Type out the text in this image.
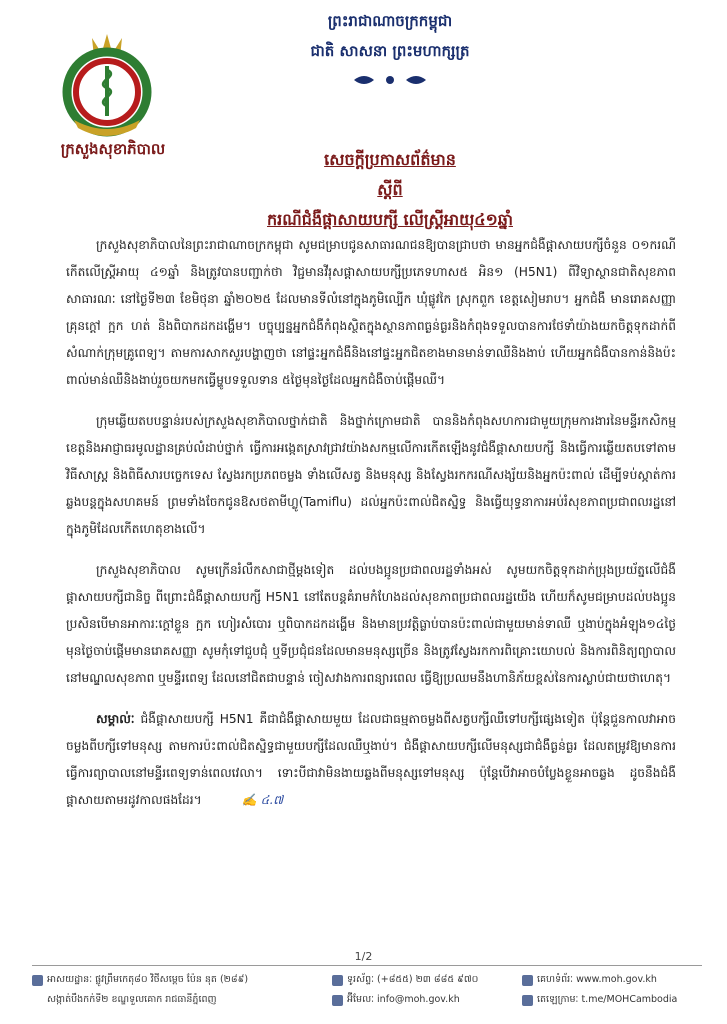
ក្រសួងសុខាភិបាល
ព្រះរាជាណាចក្រកម្ពុជា
ជាតិ សាសនា ព្រះមហាក្សត្រ
សេចក្ដីប្រកាសព័ត៌មាន
ស្ដីពី
ករណីជំងឺផ្ដាសាយបក្សី លើស្ត្រីអាយុ៤១ឆ្នាំ

ក្រសួងសុខាភិបាលនៃព្រះរាជាណាចក្រកម្ពុជា សូមជម្រាបជូនសាធារណជនឱ្យបានជ្រាបថា មានអ្នកជំងឺផ្ដាសាយបក្សីចំនួន ០១ករណី កើតលើស្ត្រីអាយុ ៤១ឆ្នាំ និងត្រូវបានបញ្ជាក់ថា វិជ្ជមានវីរុសផ្ដាសាយបក្សីប្រភេទហាស៥ អិន១ (H5N1) ពីវិទ្យាស្ថានជាតិសុខភាពសាធារណៈ នៅថ្ងៃទី២៣ ខែមិថុនា ឆ្នាំ២០២៥ ដែលមានទីលំនៅក្នុងភូមិល្បើក ឃុំផ្លូវកៃ ស្រុកពួក ខេត្តសៀមរាប។ អ្នកជំងឺ មានរោគសញ្ញា គ្រុនក្ដៅ ក្អក ហត់ និងពិបាកដកដង្ហើម។ បច្ចុប្បន្នអ្នកជំងឺកំពុងស្ថិតក្នុងស្ថានភាពធ្ងន់ធ្ងរនិងកំពុងទទួលបានការថែទាំយ៉ាងយកចិត្តទុកដាក់ពីសំណាក់ក្រុមគ្រូពេទ្យ។ តាមការសាកសួរបង្ហាញថា នៅផ្ទះអ្នកជំងឺនិងនៅផ្ទះអ្នកជិតខាងមានមាន់ទាឈឺនិងងាប់ ហើយអ្នកជំងឺបានកាន់និងប៉ះពាល់មាន់ឈឺនិងងាប់រួចយកមកធ្វើម្ហូបទទួលទាន ៥ថ្ងៃមុនថ្ងៃដែលអ្នកជំងឺចាប់ផ្ដើមឈឺ។

ក្រុមឆ្លើយតបបន្ទាន់របស់ក្រសួងសុខាភិបាលថ្នាក់ជាតិ និងថ្នាក់ក្រោមជាតិ បាននិងកំពុងសហការជាមួយក្រុមការងារនៃមន្ទីរកសិកម្មខេត្តនិងអាជ្ញាធរមូលដ្ឋានគ្រប់លំដាប់ថ្នាក់ ធ្វើការអង្កេតស្រាវជ្រាវយ៉ាងសកម្មលើការកើតឡើងនូវជំងឺផ្ដាសាយបក្សី និងធ្វើការឆ្លើយតបទៅតាមវិធីសាស្ត្រ និងពិធីសារបច្ចេកទេស ស្វែងរកប្រភពចម្លង ទាំងលើសត្វ និងមនុស្ស និងស្វែងរកករណីសង្ស័យនិងអ្នកប៉ះពាល់ ដើម្បីទប់ស្កាត់ការឆ្លងបន្តក្នុងសហគមន៍ ព្រមទាំងចែកជូនឱសថតាមីហ្លូ(Tamiflu) ដល់អ្នកប៉ះពាល់ជិតស្និទ្ធ និងធ្វើយុទ្ធនាការអប់រំសុខភាពប្រជាពលរដ្ឋនៅក្នុងភូមិដែលកើតហេតុខាងលើ។

ក្រសួងសុខាភិបាល សូមក្រើនរំលឹកសាជាថ្មីម្ដងទៀត ដល់បងប្អូនប្រជាពលរដ្ឋទាំងអស់ សូមយកចិត្តទុកដាក់ប្រុងប្រយ័ត្នលើជំងឺផ្ដាសាយបក្សីជានិច្ច ពីព្រោះជំងឺផ្ដាសាយបក្សី H5N1 នៅតែបន្តគំរាមកំហែងដល់សុខភាពប្រជាពលរដ្ឋយើង ហើយក៏សូមជម្រាបដល់បងប្អូន ប្រសិនបើមានអាការៈក្ដៅខ្លួន ក្អក ហៀរសំបោរ ឬពិបាកដកដង្ហើម និងមានប្រវត្តិធ្លាប់បានប៉ះពាល់ជាមួយមាន់ទាឈឺ ឬងាប់ក្នុងអំឡុង១៤ថ្ងៃមុនថ្ងៃចាប់ផ្ដើមមានរោគសញ្ញា សូមកុំទៅជួបជុំ ឬទីប្រជុំជនដែលមានមនុស្សច្រើន និងត្រូវស្វែងរកការពិគ្រោះយោបល់ និងការពិនិត្យព្យាបាលនៅមណ្ឌលសុខភាព ឬមន្ទីរពេទ្យ ដែលនៅជិតជាបន្ទាន់ ចៀសវាងការពន្យារពេល ធ្វើឱ្យប្រឈមនឹងហានិភ័យខ្ពស់នៃការស្លាប់ជាយថាហេតុ។

សម្គាល់ៈ ជំងឺផ្ដាសាយបក្សី H5N1 គឺជាជំងឺផ្ដាសាយមួយ ដែលជាធម្មតាចម្លងពីសត្វបក្សីឈឺទៅបក្សីផ្សេងទៀត ប៉ុន្តែជួនកាលវាអាចចម្លងពីបក្សីទៅមនុស្ស តាមការប៉ះពាល់ជិតស្និទ្ធជាមួយបក្សីដែលឈឺឬងាប់។ ជំងឺផ្ដាសាយបក្សីលើមនុស្សជាជំងឺធ្ងន់ធ្ងរ ដែលតម្រូវឱ្យមានការធ្វើការព្យាបាលនៅមន្ទីរពេទ្យទាន់ពេលវេលា។ ទោះបីជាវាមិនងាយឆ្លងពីមនុស្សទៅមនុស្ស ប៉ុន្តែបើវាអាចបំប្លែងខ្លួនអាចឆ្លង ដូចនឹងជំងឺផ្ដាសាយតាមរដូវកាលផងដែរ។	✍ ៤.៧

1/2
អាសយដ្ឋានៈ ផ្លូវព្រឹមកេតុ៨០ វិថីសម្ដេច ប៉ែន នុត (២៨៩)
សង្កាត់បឹងកក់ទី២ ខណ្ឌទួលគោក រាជធានីភ្នំពេញ
ទូរស័ព្ទៈ (+៨៥៥) ២៣ ៨៨៥ ៩៧០
អ៊ីមែលៈ info@moh.gov.kh
គេហទំព័រៈ www.moh.gov.kh
តេឡេក្រាមៈ t.me/MOHCambodia
